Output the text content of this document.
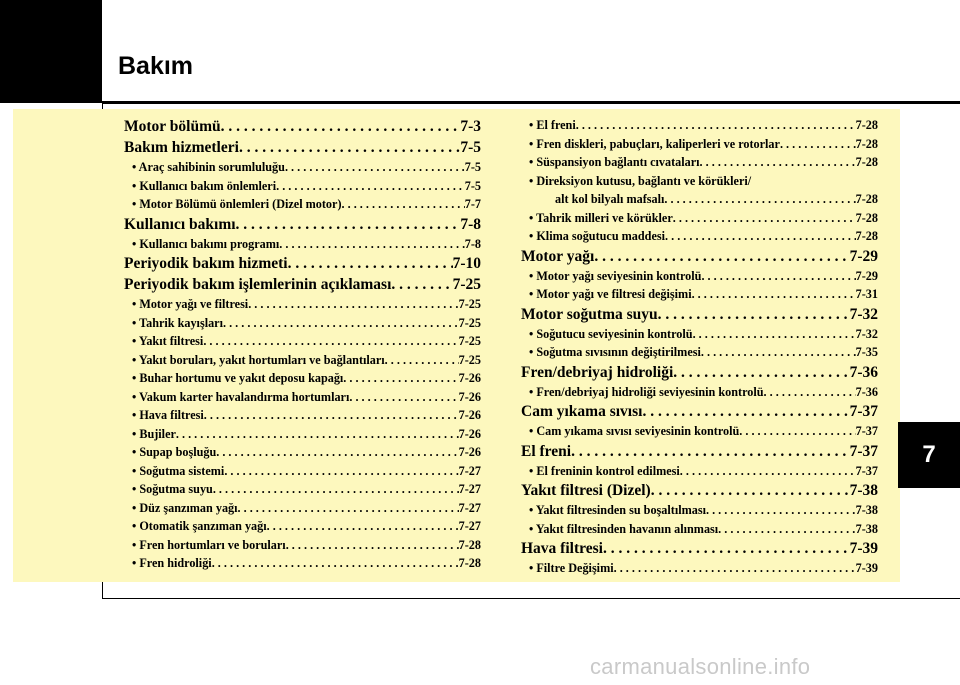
Bakım
Motor bölümü . . .	7-3
Bakım hizmetleri . . .	7-5
• Araç sahibinin sorumluluğu . . .	7-5
• Kullanıcı bakım önlemleri . . .	7-5
• Motor Bölümü önlemleri (Dizel motor) . . .	7-7
Kullanıcı bakımı . . .	7-8
• Kullanıcı bakımı programı . . .	7-8
Periyodik bakım hizmeti . . .	7-10
Periyodik bakım işlemlerinin açıklaması . . .	7-25
• Motor yağı ve filtresi . . .	7-25
• Tahrik kayışları . . .	7-25
• Yakıt filtresi . . .	7-25
• Yakıt boruları, yakıt hortumları ve bağlantıları . . .	7-25
• Buhar hortumu ve yakıt deposu kapağı . . .	7-26
• Vakum karter havalandırma hortumları . . .	7-26
• Hava filtresi . . .	7-26
• Bujiler . . .	7-26
• Supap boşluğu . . .	7-26
• Soğutma sistemi . . .	7-27
• Soğutma suyu . . .	7-27
• Düz şanzıman yağı . . .	7-27
• Otomatik şanzıman yağı . . .	7-27
• Fren hortumları ve boruları . . .	7-28
• Fren hidroliği . . .	7-28
• El freni . . .	7-28
• Fren diskleri, pabuçları, kaliperleri ve rotorlar . . .	7-28
• Süspansiyon bağlantı cıvataları . . .	7-28
• Direksiyon kutusu, bağlantı ve körükleri/
alt kol bilyalı mafsalı . . .	7-28
• Tahrik milleri ve körükler . . .	7-28
• Klima soğutucu maddesi . . .	7-28
Motor yağı . . .	7-29
• Motor yağı seviyesinin kontrolü . . .	7-29
• Motor yağı ve filtresi değişimi . . .	7-31
Motor soğutma suyu . . .	7-32
• Soğutucu seviyesinin kontrolü . . .	7-32
• Soğutma sıvısının değiştirilmesi . . .	7-35
Fren/debriyaj hidroliği . . .	7-36
• Fren/debriyaj hidroliği seviyesinin kontrolü . . .	7-36
Cam yıkama sıvısı . . .	7-37
• Cam yıkama sıvısı seviyesinin kontrolü . . .	7-37
El freni . . .	7-37
• El freninin kontrol edilmesi . . .	7-37
Yakıt filtresi (Dizel) . . .	7-38
• Yakıt filtresinden su boşaltılması . . .	7-38
• Yakıt filtresinden havanın alınması . . .	7-38
Hava filtresi . . .	7-39
• Filtre Değişimi . . .	7-39
7
carmanualsonline.info
